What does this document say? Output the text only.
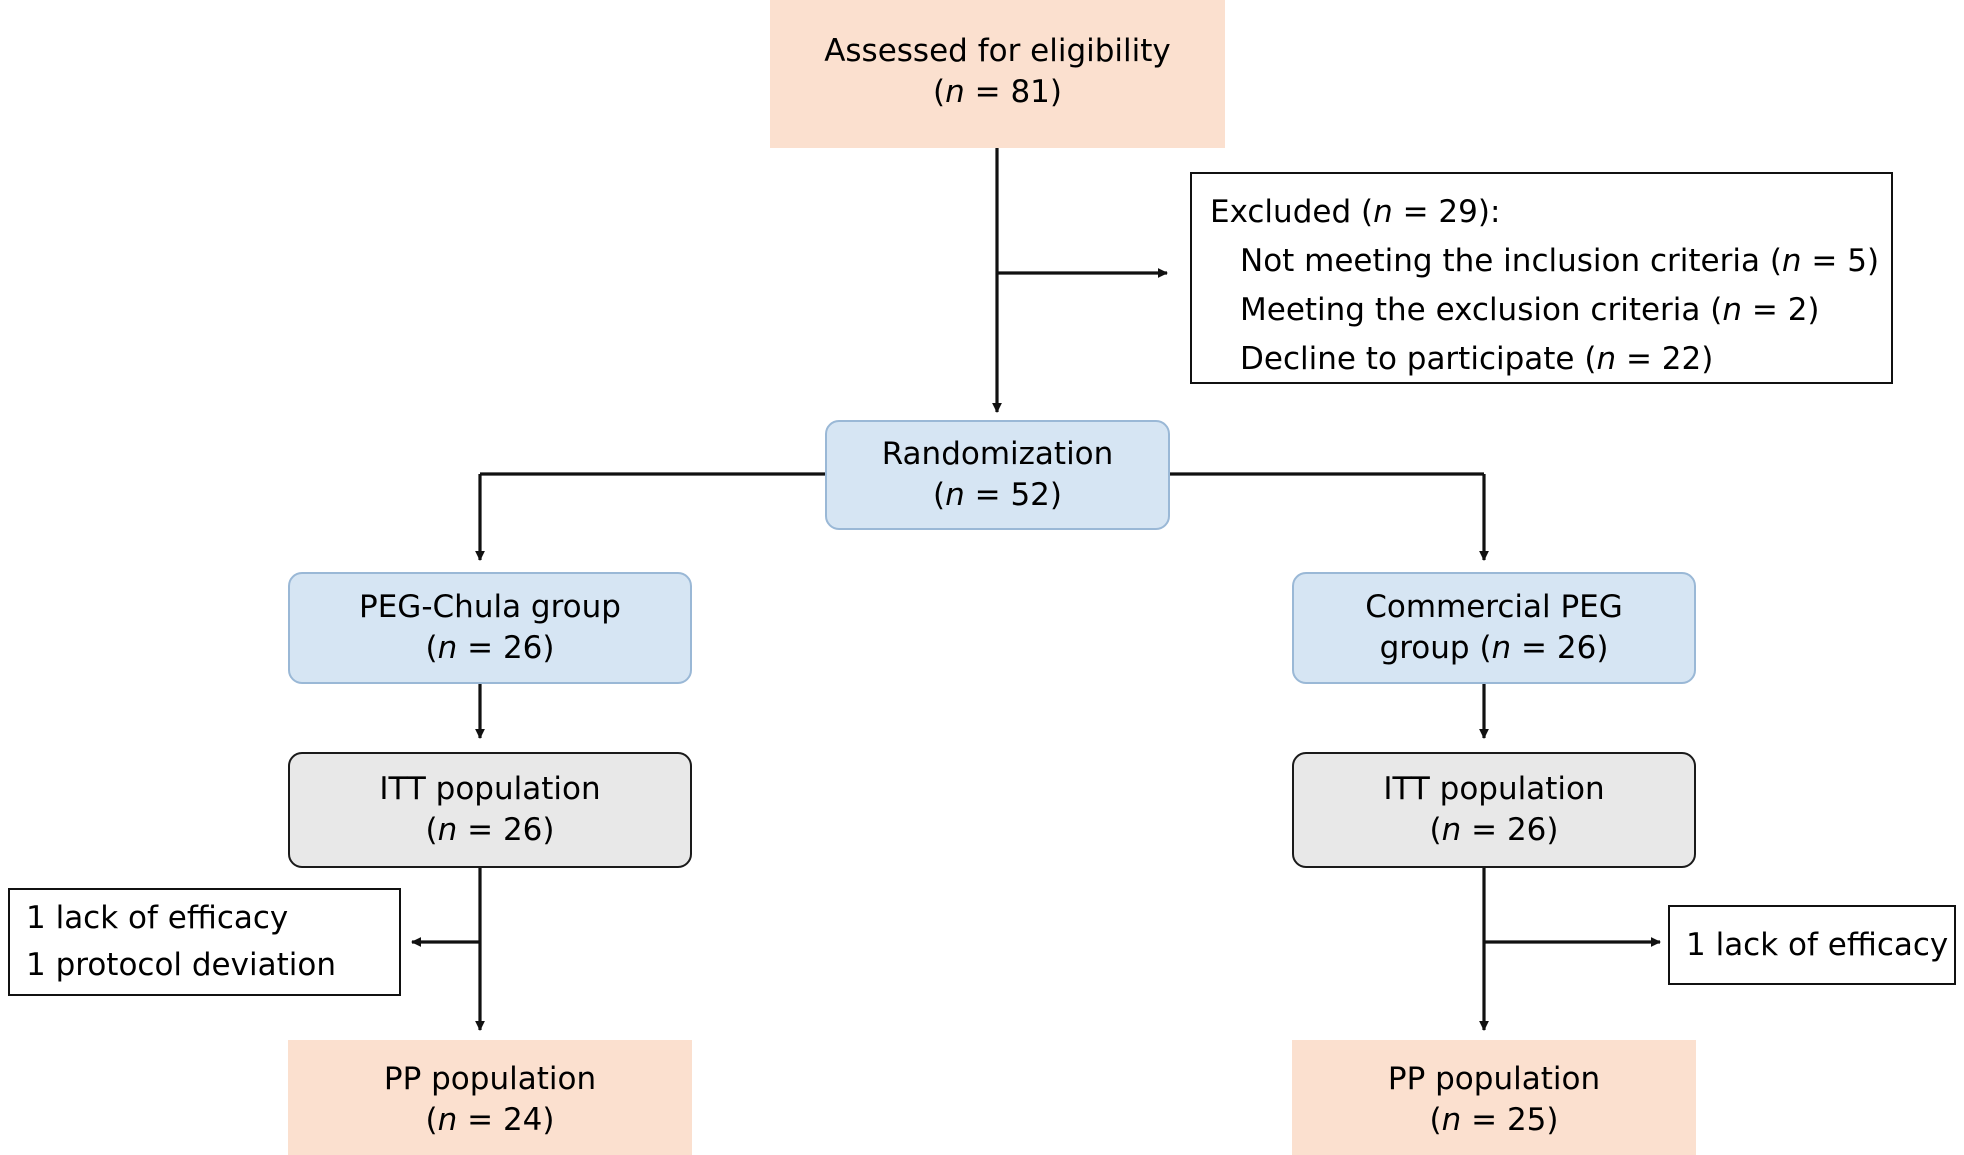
Assessed for eligibility
(n = 81)
Excluded (n = 29):
Not meeting the inclusion criteria (n = 5)
Meeting the exclusion criteria (n = 2)
Decline to participate (n = 22)
Randomization
(n = 52)
PEG-Chula group
(n = 26)
Commercial PEG
group (n = 26)
ITT population
(n = 26)
ITT population
(n = 26)
1 lack of efficacy
1 protocol deviation
1 lack of efficacy
PP population
(n = 24)
PP population
(n = 25)
